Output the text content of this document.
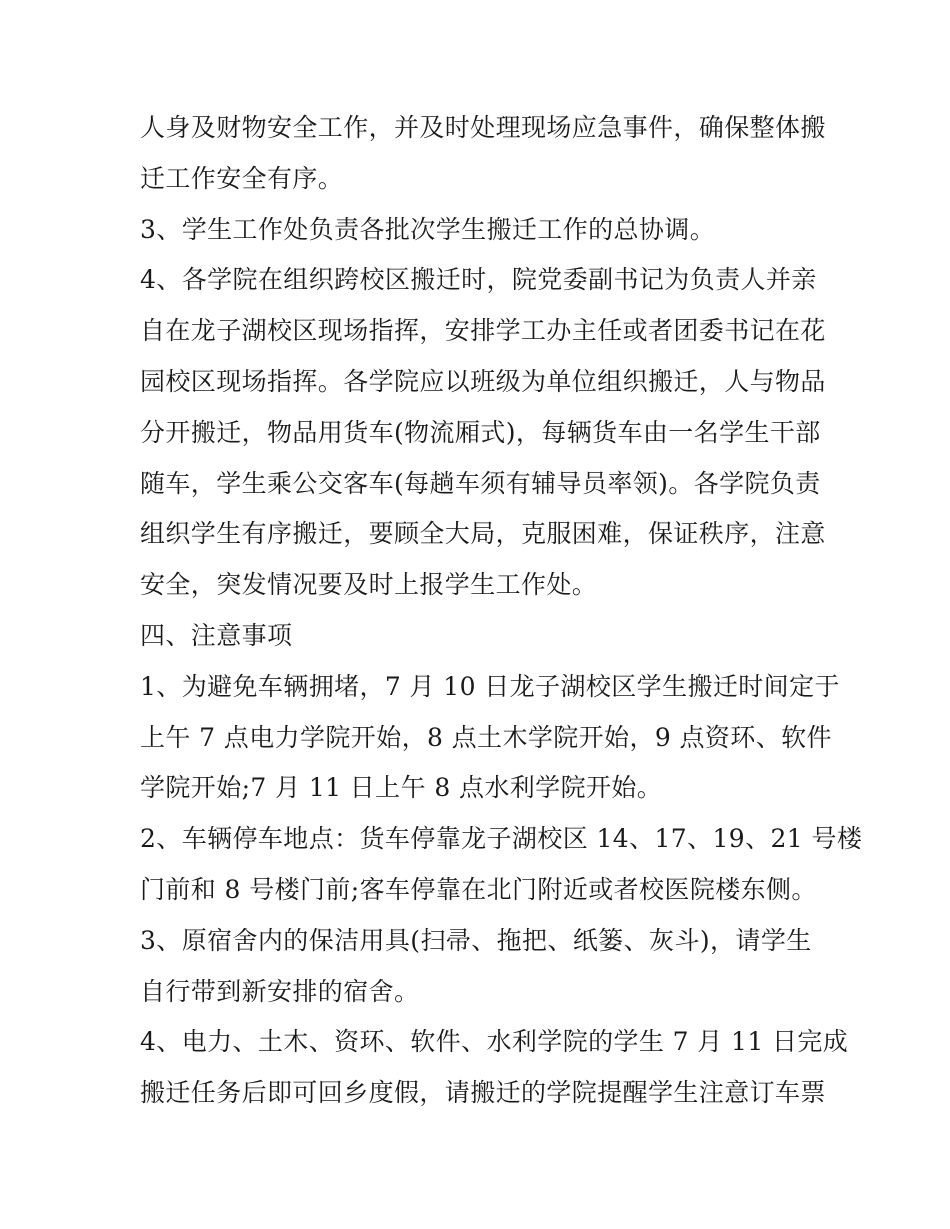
人身及财物安全工作，并及时处理现场应急事件，确保整体搬
迁工作安全有序。
3、学生工作处负责各批次学生搬迁工作的总协调。
4、各学院在组织跨校区搬迁时，院党委副书记为负责人并亲
自在龙子湖校区现场指挥，安排学工办主任或者团委书记在花
园校区现场指挥。各学院应以班级为单位组织搬迁，人与物品
分开搬迁，物品用货车(物流厢式)，每辆货车由一名学生干部
随车，学生乘公交客车(每趟车须有辅导员率领)。各学院负责
组织学生有序搬迁，要顾全大局，克服困难，保证秩序，注意
安全，突发情况要及时上报学生工作处。
四、注意事项
1、为避免车辆拥堵，7 月 10 日龙子湖校区学生搬迁时间定于
上午 7 点电力学院开始，8 点土木学院开始，9 点资环、软件
学院开始;7 月 11 日上午 8 点水利学院开始。
2、车辆停车地点：货车停靠龙子湖校区 14、17、19、21 号楼
门前和 8 号楼门前;客车停靠在北门附近或者校医院楼东侧。
3、原宿舍内的保洁用具(扫帚、拖把、纸篓、灰斗)，请学生
自行带到新安排的宿舍。
4、电力、土木、资环、软件、水利学院的学生 7 月 11 日完成
搬迁任务后即可回乡度假，请搬迁的学院提醒学生注意订车票
